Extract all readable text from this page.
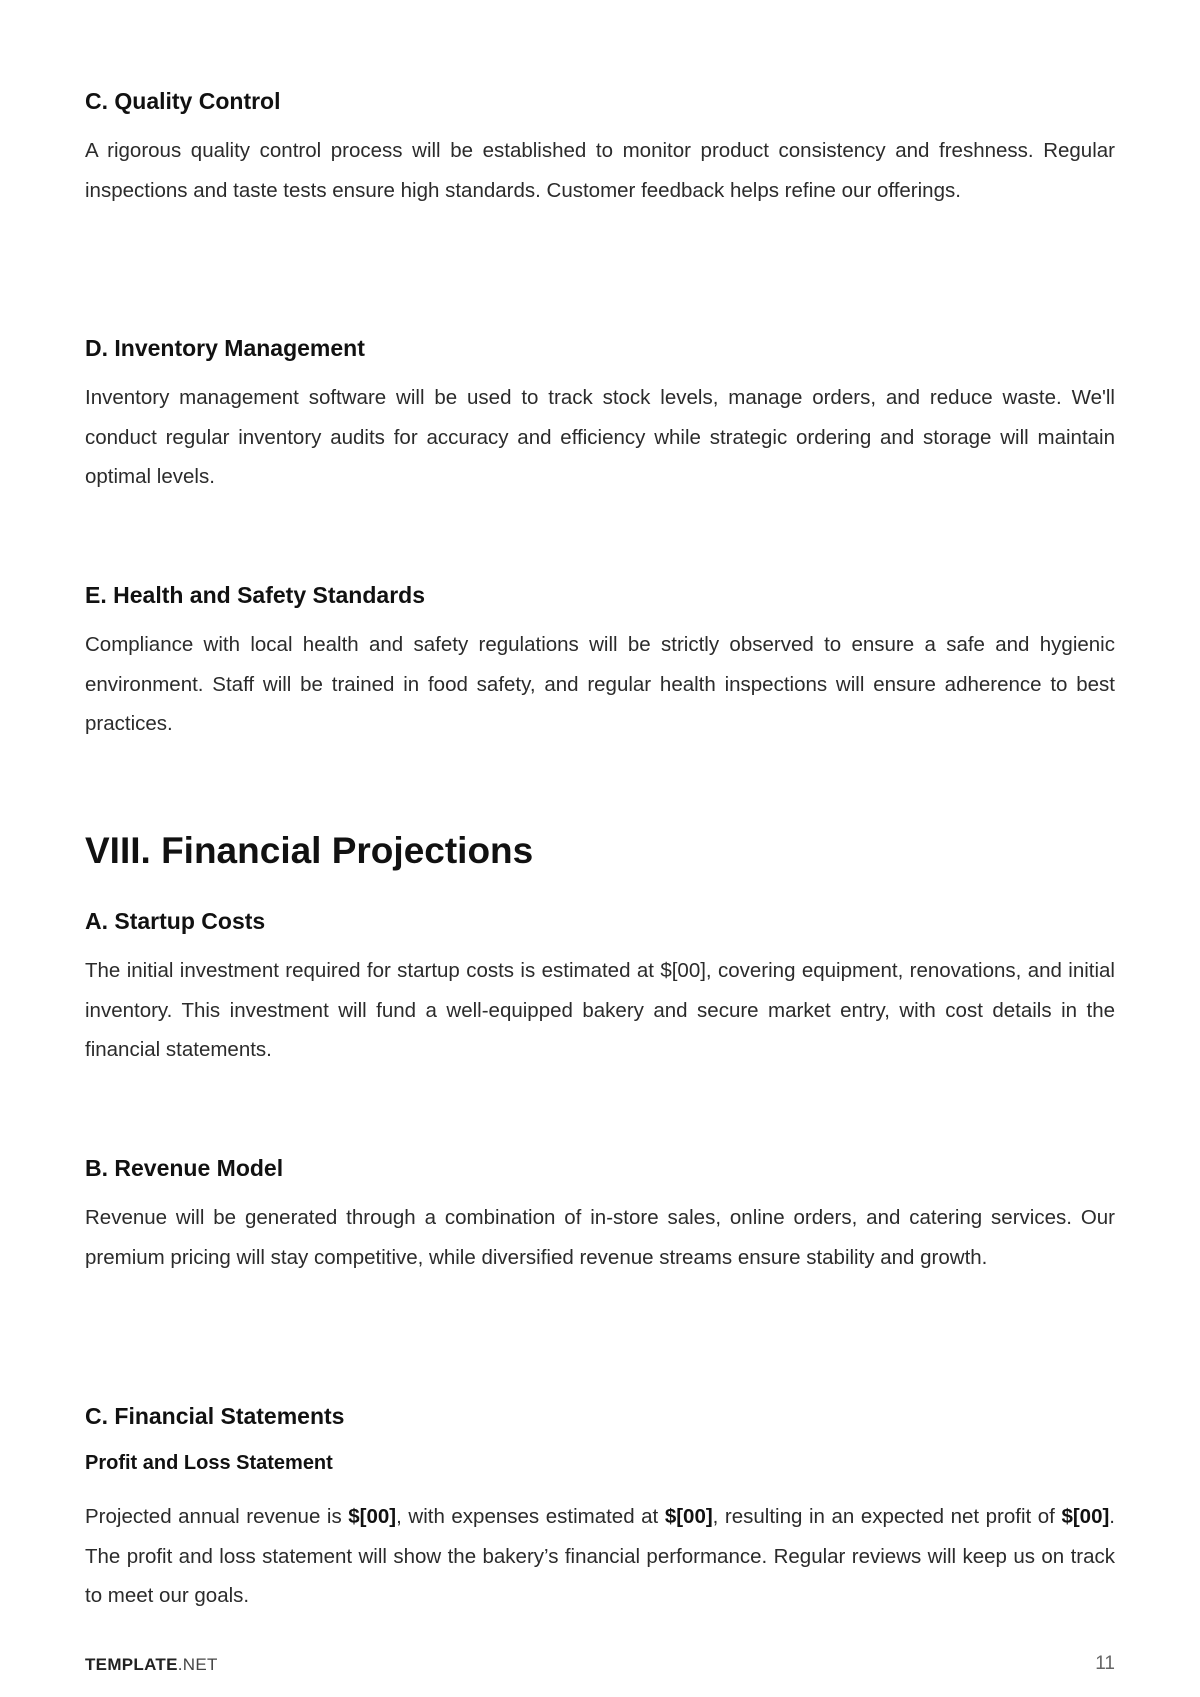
C. Quality Control

A rigorous quality control process will be established to monitor product consistency and freshness. Regular inspections and taste tests ensure high standards. Customer feedback helps refine our offerings.

D. Inventory Management

Inventory management software will be used to track stock levels, manage orders, and reduce waste. We'll conduct regular inventory audits for accuracy and efficiency while strategic ordering and storage will maintain optimal levels.

E. Health and Safety Standards

Compliance with local health and safety regulations will be strictly observed to ensure a safe and hygienic environment. Staff will be trained in food safety, and regular health inspections will ensure adherence to best practices.

VIII. Financial Projections
A. Startup Costs

The initial investment required for startup costs is estimated at $[00], covering equipment, renovations, and initial inventory. This investment will fund a well-equipped bakery and secure market entry, with cost details in the financial statements.

B. Revenue Model

Revenue will be generated through a combination of in-store sales, online orders, and catering services. Our premium pricing will stay competitive, while diversified revenue streams ensure stability and growth.

C. Financial Statements
Profit and Loss Statement

Projected annual revenue is $[00], with expenses estimated at $[00], resulting in an expected net profit of $[00]. The profit and loss statement will show the bakery’s financial performance. Regular reviews will keep us on track to meet our goals.

TEMPLATE.NET	11
